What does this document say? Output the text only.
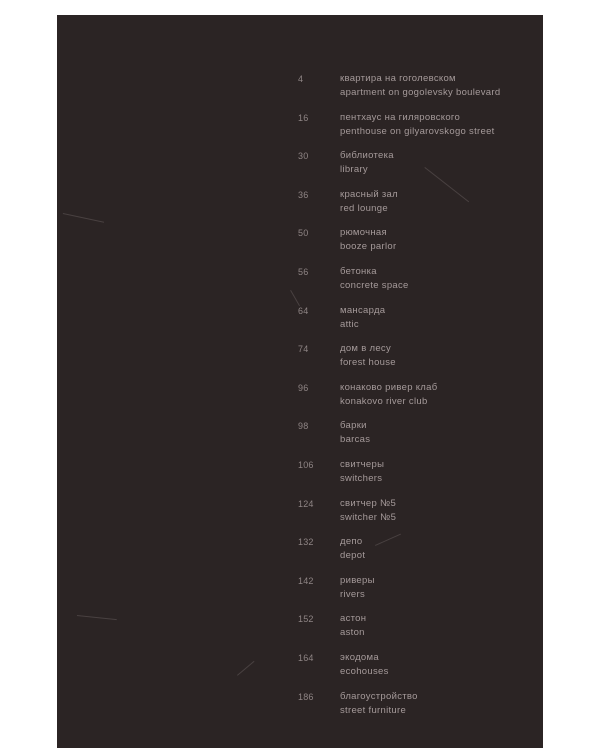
4	квартира на гоголевском
apartment on gogolevsky boulevard
16	пентхаус на гиляровского
penthouse on gilyarovskogo street
30	библиотека
library
36	красный зал
red lounge
50	рюмочная
booze parlor
56	бетонка
concrete space
64	мансарда
attic
74	дом в лесу
forest house
96	конаково ривер клаб
konakovo river club
98	барки
barcas
106	свитчеры
switchers
124	свитчер №5
switcher №5
132	депо
depot
142	риверы
rivers
152	астон
aston
164	экодома
ecohouses
186	благоустройство
street furniture
